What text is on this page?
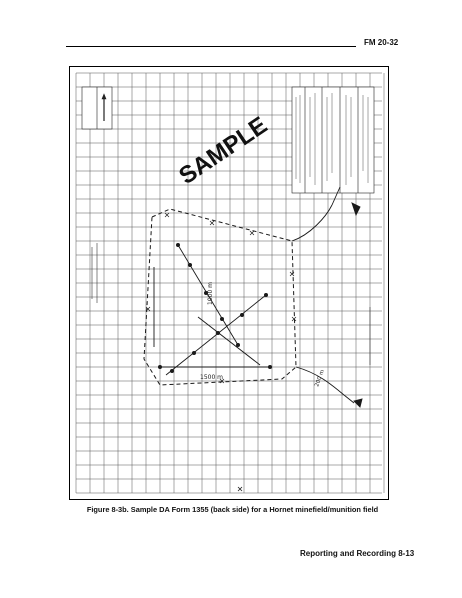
FM 20-32
1000 m
1500 m	200 m
SAMPLE
Figure 8-3b. Sample DA Form 1355 (back side) for a Hornet minefield/munition field
Reporting and Recording 8-13
